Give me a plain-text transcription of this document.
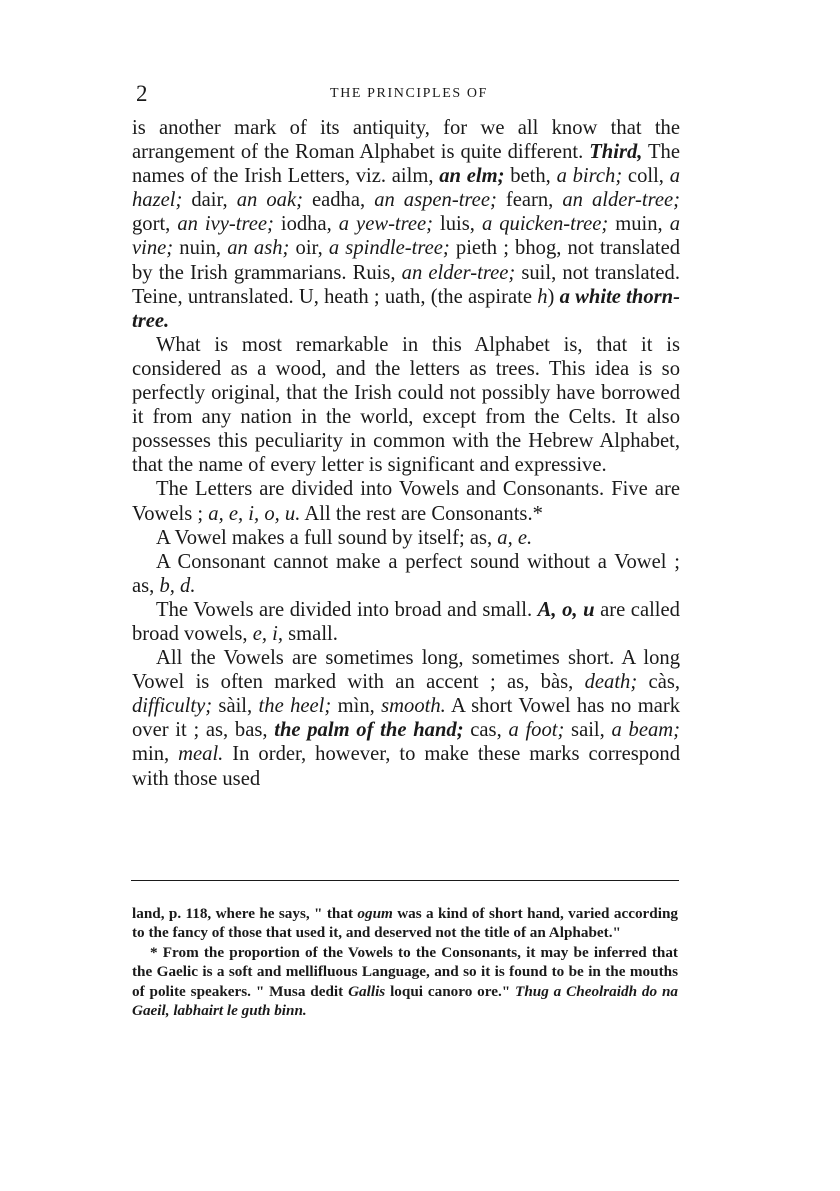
2	THE PRINCIPLES OF

is another mark of its antiquity, for we all know that the arrangement of the Roman Alphabet is quite different. Third, The names of the Irish Letters, viz. ailm, an elm; beth, a birch; coll, a hazel; dair, an oak; eadha, an aspen-tree; fearn, an alder-tree; gort, an ivy-tree; iodha, a yew-tree; luis, a quicken-tree; muin, a vine; nuin, an ash; oir, a spindle-tree; pieth ; bhog, not translated by the Irish grammarians. Ruis, an elder-tree; suil, not translated. Teine, untranslated. U, heath ; uath, (the aspirate h) a white thorn-tree.

What is most remarkable in this Alphabet is, that it is considered as a wood, and the letters as trees. This idea is so perfectly original, that the Irish could not possibly have borrowed it from any nation in the world, except from the Celts. It also possesses this peculiarity in common with the Hebrew Alphabet, that the name of every letter is significant and expressive.

The Letters are divided into Vowels and Consonants. Five are Vowels ; a, e, i, o, u. All the rest are Consonants.*

A Vowel makes a full sound by itself; as, a, e.

A Consonant cannot make a perfect sound without a Vowel ; as, b, d.

The Vowels are divided into broad and small. A, o, u are called broad vowels, e, i, small.

All the Vowels are sometimes long, sometimes short. A long Vowel is often marked with an accent ; as, bàs, death; càs, difficulty; sàil, the heel; mìn, smooth. A short Vowel has no mark over it ; as, bas, the palm of the hand; cas, a foot; sail, a beam; min, meal. In order, however, to make these marks correspond with those used

land, p. 118, where he says, " that ogum was a kind of short hand, varied according to the fancy of those that used it, and deserved not the title of an Alphabet."

* From the proportion of the Vowels to the Consonants, it may be inferred that the Gaelic is a soft and mellifluous Language, and so it is found to be in the mouths of polite speakers. " Musa dedit Gallis loqui canoro ore." Thug a Cheolraidh do na Gaeil, labhairt le guth binn.
